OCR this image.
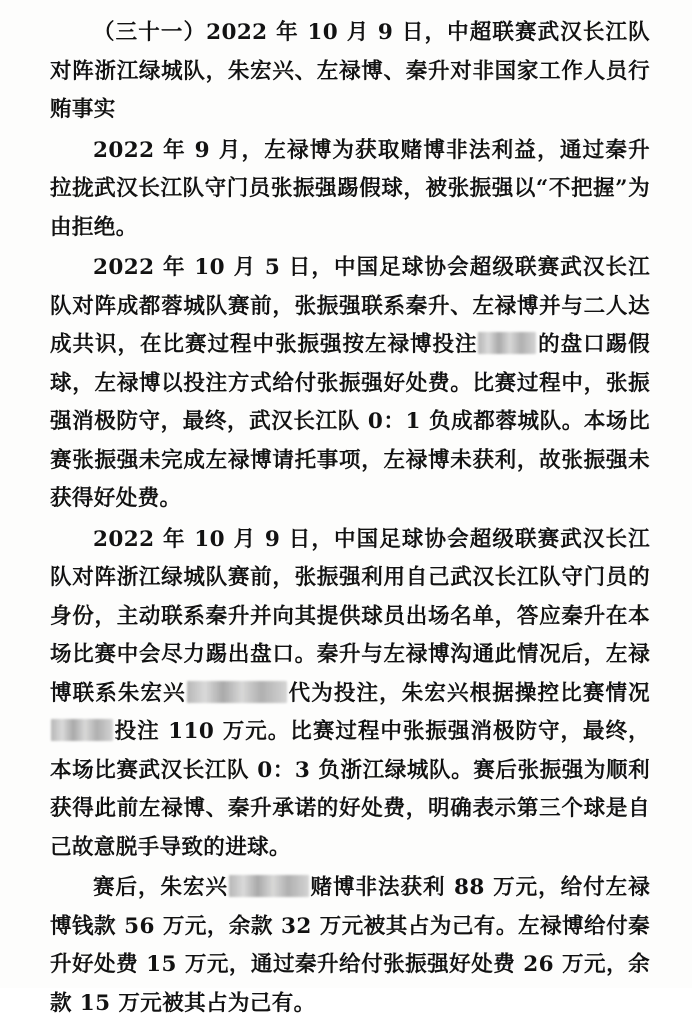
（三十一）2022 年 10 月 9 日，中超联赛武汉长江队对阵浙江绿城队，朱宏兴、左禄博、秦升对非国家工作人员行贿事实

2022 年 9 月，左禄博为获取赌博非法利益，通过秦升拉拢武汉长江队守门员张振强踢假球，被张振强以“不把握”为由拒绝。

2022 年 10 月 5 日，中国足球协会超级联赛武汉长江队对阵成都蓉城队赛前，张振强联系秦升、左禄博并与二人达成共识，在比赛过程中张振强按左禄博投注	的盘口踢假球，左禄博以投注方式给付张振强好处费。比赛过程中，张振强消极防守，最终，武汉长江队 0：1 负成都蓉城队。本场比赛张振强未完成左禄博请托事项，左禄博未获利，故张振强未获得好处费。

2022 年 10 月 9 日，中国足球协会超级联赛武汉长江队对阵浙江绿城队赛前，张振强利用自己武汉长江队守门员的身份，主动联系秦升并向其提供球员出场名单，答应秦升在本场比赛中会尽力踢出盘口。秦升与左禄博沟通此情况后，左禄博联系朱宏兴	代为投注，朱宏兴根据操控比赛情况投注 110 万元。比赛过程中张振强消极防守，最终，本场比赛武汉长江队 0：3 负浙江绿城队。赛后张振强为顺利获得此前左禄博、秦升承诺的好处费，明确表示第三个球是自己故意脱手导致的进球。

赛后，朱宏兴	赌博非法获利 88 万元，给付左禄博钱款 56 万元，余款 32 万元被其占为己有。左禄博给付秦升好处费 15 万元，通过秦升给付张振强好处费 26 万元，余款 15 万元被其占为己有。
